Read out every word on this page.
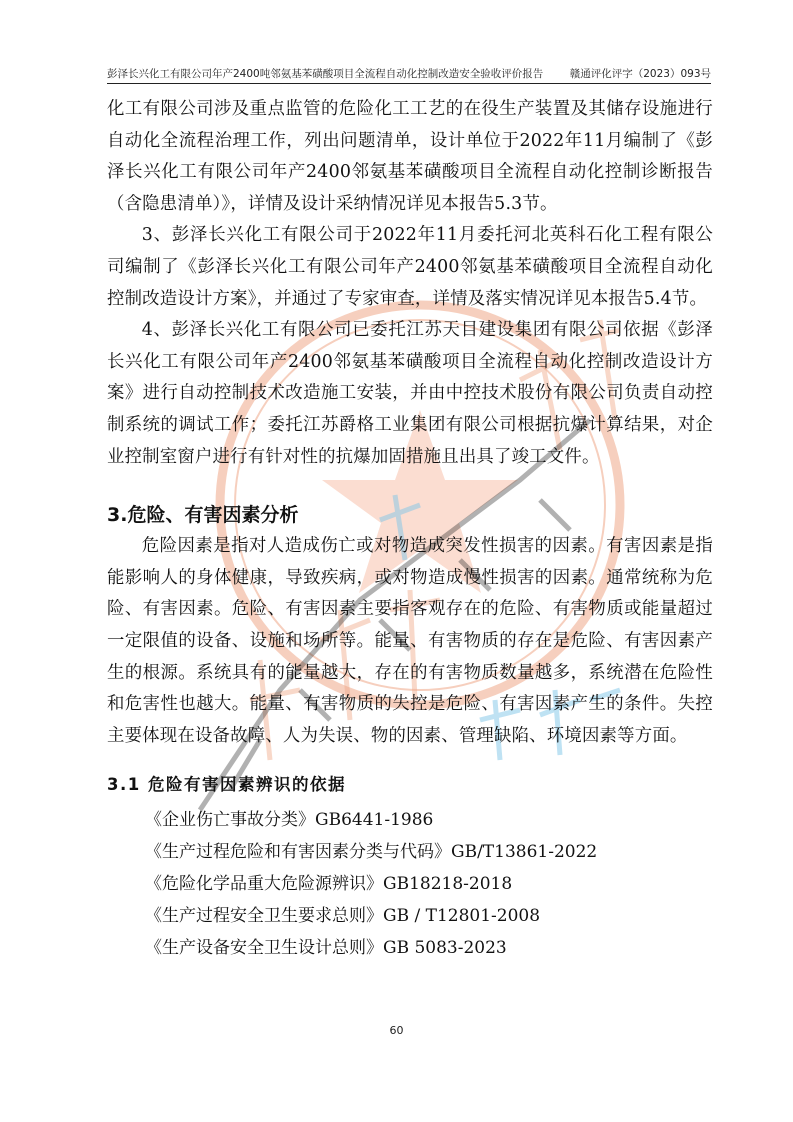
彭泽长兴化工有限公司年产2400吨邻氨基苯磺酸项目全流程自动化控制改造安全验收评价报告	赣通评化评字（2023）093号

化工有限公司涉及重点监管的危险化工工艺的在役生产装置及其储存设施进行自动化全流程治理工作，列出问题清单，设计单位于2022年11月编制了《彭泽长兴化工有限公司年产2400邻氨基苯磺酸项目全流程自动化控制诊断报告（含隐患清单）》，详情及设计采纳情况详见本报告5.3节。

3、彭泽长兴化工有限公司于2022年11月委托河北英科石化工程有限公司编制了《彭泽长兴化工有限公司年产2400邻氨基苯磺酸项目全流程自动化控制改造设计方案》，并通过了专家审查，详情及落实情况详见本报告5.4节。

4、彭泽长兴化工有限公司已委托江苏天目建设集团有限公司依据《彭泽长兴化工有限公司年产2400邻氨基苯磺酸项目全流程自动化控制改造设计方案》进行自动控制技术改造施工安装，并由中控技术股份有限公司负责自动控制系统的调试工作；委托江苏爵格工业集团有限公司根据抗爆计算结果，对企业控制室窗户进行有针对性的抗爆加固措施且出具了竣工文件。

3.危险、有害因素分析

危险因素是指对人造成伤亡或对物造成突发性损害的因素。有害因素是指能影响人的身体健康，导致疾病，或对物造成慢性损害的因素。通常统称为危险、有害因素。危险、有害因素主要指客观存在的危险、有害物质或能量超过一定限值的设备、设施和场所等。能量、有害物质的存在是危险、有害因素产生的根源。系统具有的能量越大，存在的有害物质数量越多，系统潜在危险性和危害性也越大。能量、有害物质的失控是危险、有害因素产生的条件。失控主要体现在设备故障、人为失误、物的因素、管理缺陷、环境因素等方面。

3.1 危险有害因素辨识的依据
《企业伤亡事故分类》GB6441-1986
《生产过程危险和有害因素分类与代码》GB/T13861-2022
《危险化学品重大危险源辨识》GB18218-2018
《生产过程安全卫生要求总则》GB / T12801-2008
《生产设备安全卫生设计总则》GB 5083-2023
60
